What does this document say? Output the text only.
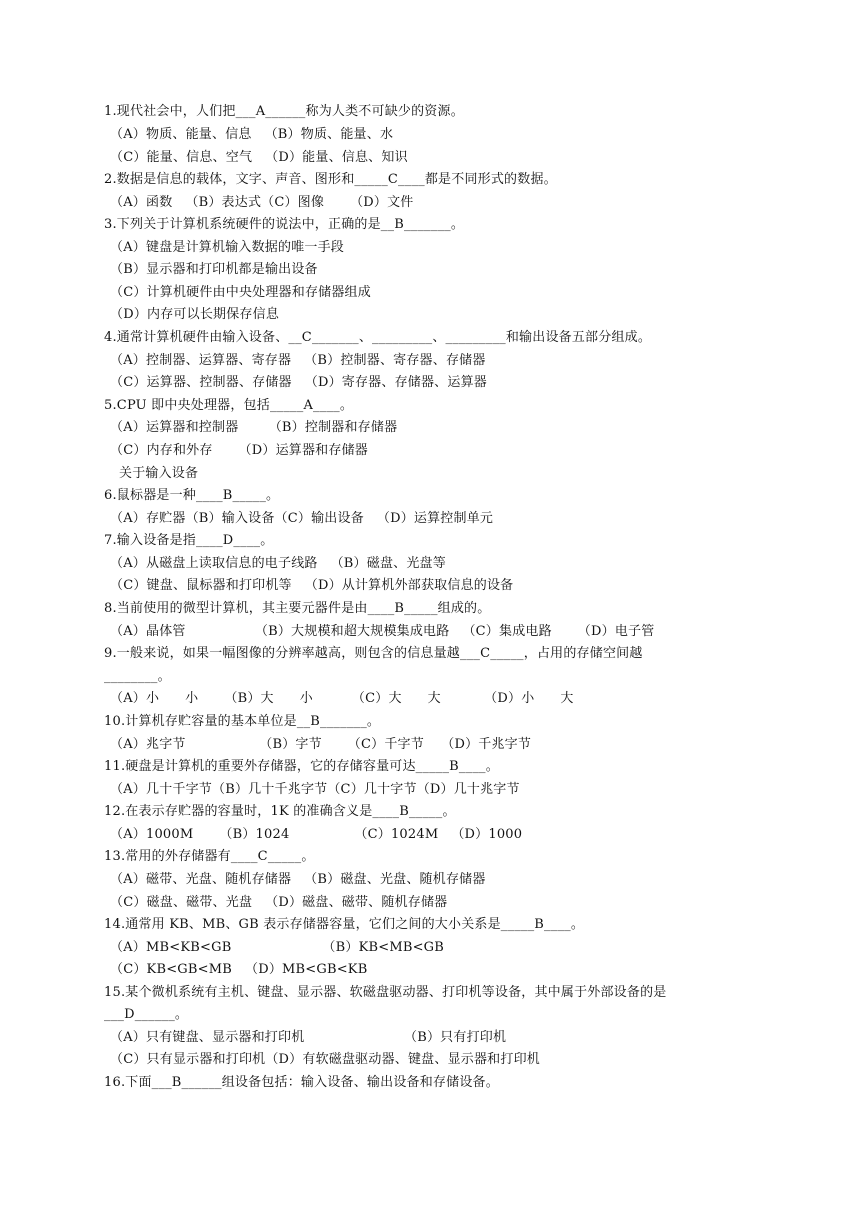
1.现代社会中，人们把___A______称为人类不可缺少的资源。
（A）物质、能量、信息   （B）物质、能量、水
（C）能量、信息、空气   （D）能量、信息、知识
2.数据是信息的载体，文字、声音、图形和_____C____都是不同形式的数据。
（A）函数   （B）表达式（C）图像      （D）文件
3.下列关于计算机系统硬件的说法中，正确的是__B_______。
（A）键盘是计算机输入数据的唯一手段
（B）显示器和打印机都是输出设备
（C）计算机硬件由中央处理器和存储器组成
（D）内存可以长期保存信息
4.通常计算机硬件由输入设备、__C_______、_________、_________和输出设备五部分组成。
（A）控制器、运算器、寄存器   （B）控制器、寄存器、存储器
（C）运算器、控制器、存储器   （D）寄存器、存储器、运算器
5.CPU 即中央处理器，包括_____A____。
（A）运算器和控制器       （B）控制器和存储器
（C）内存和外存      （D）运算器和存储器
关于输入设备
6.鼠标器是一种____B_____。
（A）存贮器（B）输入设备（C）输出设备   （D）运算控制单元
7.输入设备是指____D____。
（A）从磁盘上读取信息的电子线路   （B）磁盘、光盘等
（C）键盘、鼠标器和打印机等   （D）从计算机外部获取信息的设备
8.当前使用的微型计算机，其主要元器件是由____B_____组成的。
（A）晶体管                （B）大规模和超大规模集成电路   （C）集成电路      （D）电子管
9.一般来说，如果一幅图像的分辨率越高，则包含的信息量越___C_____，占用的存储空间越
________。
（A）小      小      （B）大      小         （C）大      大          （D）小      大
10.计算机存贮容量的基本单位是__B_______。
（A）兆字节                 （B）字节      （C）千字节    （D）千兆字节
11.硬盘是计算机的重要外存储器，它的存储容量可达_____B____。
（A）几十千字节（B）几十千兆字节（C）几十字节（D）几十兆字节
12.在表示存贮器的容量时，1K 的准确含义是____B_____。
（A）1000M      （B）1024               （C）1024M   （D）1000
13.常用的外存储器有____C_____。
（A）磁带、光盘、随机存储器   （B）磁盘、光盘、随机存储器
（C）磁盘、磁带、光盘   （D）磁盘、磁带、随机存储器
14.通常用 KB、MB、GB 表示存储器容量，它们之间的大小关系是_____B____。
（A）MB<KB<GB                     （B）KB<MB<GB
（C）KB<GB<MB   （D）MB<GB<KB
15.某个微机系统有主机、键盘、显示器、软磁盘驱动器、打印机等设备，其中属于外部设备的是
___D______。
（A）只有键盘、显示器和打印机                       （B）只有打印机
（C）只有显示器和打印机（D）有软磁盘驱动器、键盘、显示器和打印机
16.下面___B______组设备包括：输入设备、输出设备和存储设备。
